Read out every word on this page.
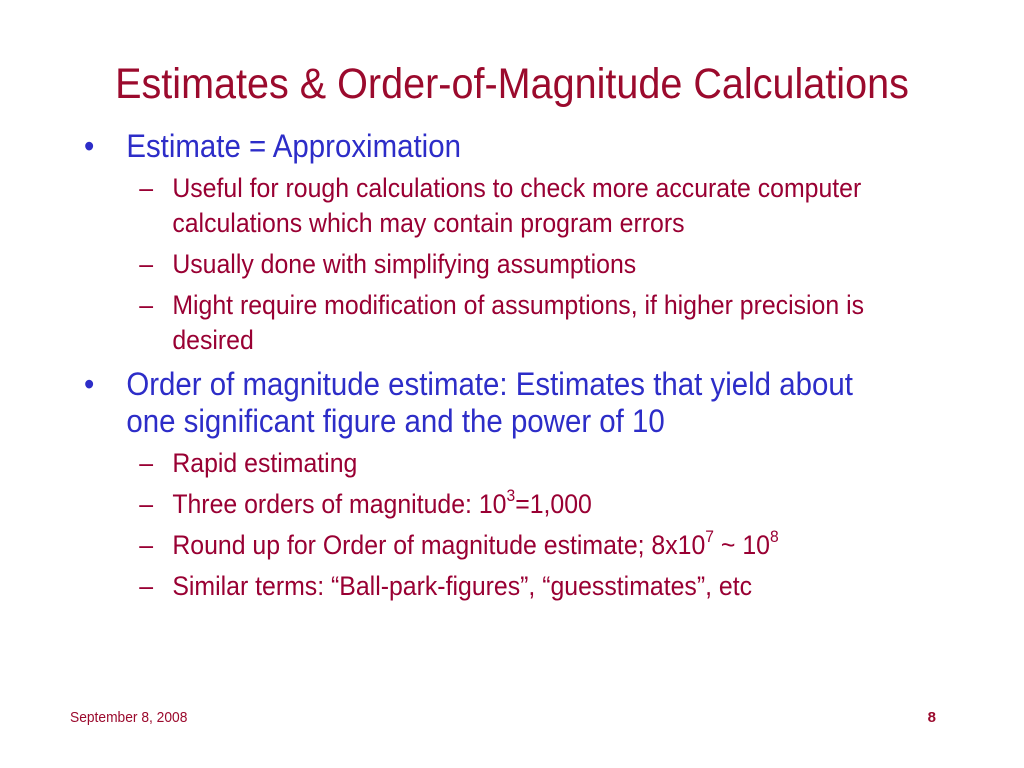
Estimates & Order-of-Magnitude Calculations
• Estimate = Approximation
– Useful for rough calculations to check more accurate computer calculations which may contain program errors
– Usually done with simplifying assumptions
– Might require modification of assumptions, if higher precision is desired
• Order of magnitude estimate: Estimates that yield about one significant figure and the power of 10
– Rapid estimating
– Three orders of magnitude: $10^3=1,000$
– Round up for Order of magnitude estimate; $8x10^7$ ~ $10^8$
– Similar terms: “Ball-park-figures”, “guesstimates”, etc
September 8, 2008	8
